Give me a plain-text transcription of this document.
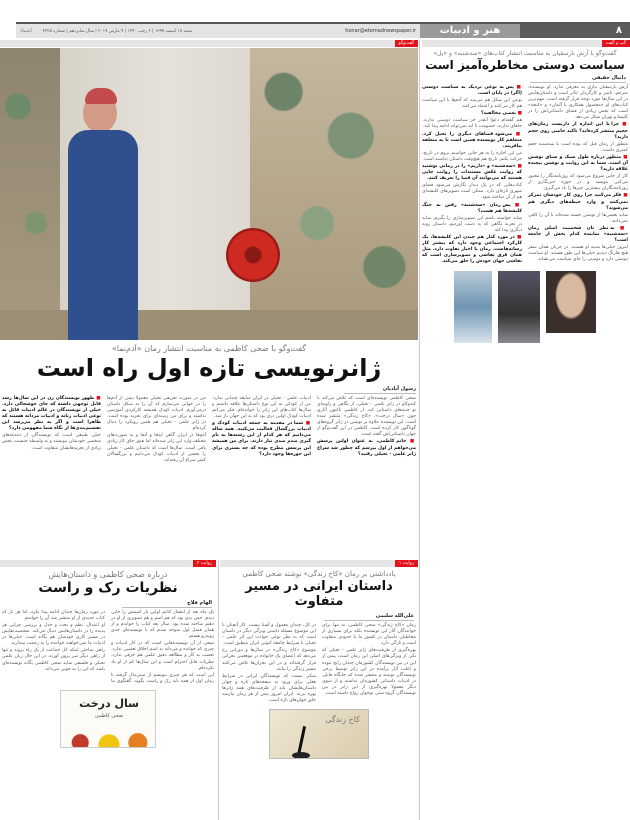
۸
هنر و ادبیات
honar@etemadnewspaper.ir
شنبه ۱۸ اسفند ۱۳۹۷ | ۲ رجب ۱۴۴۰ | ۹ مارس ۲۰۱۹ | سال شانزدهم | شماره ۴۳۲۵
اعتماد
گفت‌وگو
گفت‌وگو با ضحی کاظمی به مناسبت انتشار رمان «آدم‌نما»
ژانرنویسی تازه اول راه است
رسول آبادیان

ضحی کاظمی نویسنده‌ای است که تلاش می‌کند با کندوکاو در ژانر علمی - تخیلی، از نگاهی و زاویه‌ای نو جنبه‌های داستانی کند. از کاظمی تاکنون آثاری چون «سال درخت»، «کاخ زندگی» منتشر شده است. این نویسنده علاوه بر نوشتن در ژانر گروه‌های گوناگون کار کرده است. کاظمی در این گفت‌وگو از جهان داستانی‌اش گفته است.

■ خانم کاظمی، به عنوان اولین پرسش می‌خواهم از اول بپرسم که چطور شد سراغ ژانر علمی - تخیلی رفتید؟

ادبیات علمی - تخیلی در ایران سابقه چندانی ندارد. من از کودکی به این نوع داستان‌ها علاقه داشتم و سال‌ها کتاب‌های این ژانر را خوانده‌ام. فکر می‌کنم ادبیات کودک اولین دری بود که به این جهان باز شد.

■ شما در مقدمه به جمعه ادبیات کودک و ادبیات بزرگسال فعالیت می‌کنید. همه ساله می‌دانیم که هر کدام از این رشته‌ها به نام گیری صدم صدی نیاز دارند. برای من همیشه این پرسش مطرح بوده که چه بستری برای این حوزه‌ها وجود دارد؟

من در صورت تعریفی تخیلی معمولا تیمی از آدم‌ها را در جهانی می‌سازم که آن را به شکل داستان درمی‌آورم. ادبیات کودک همیشه کارکردی آموزشی نداشته و برای من زمینه‌ای برای تجربه بوده است. در ژانر علمی - تخیلی هم همین رویکرد را دنبال کرده‌ام.

آدم‌ها در ایران گاهی اینجا و آنجا و به صورت‌های مختلف وارد این ژانر شده‌اند اما هنوز جای کار زیادی باقی است. سال‌ها است که داستان علمی - تخیلی را بخشی از ادبیات کودک می‌دانیم و بزرگسالان کمتر سراغ آن رفته‌اند.

■ ظهور نویسندگان زن در این سال‌ها رشد قابل توجهی داشته که جای خوشحالی دارد. خیلی از نویسندگان در عالم ادبیات قائل به نوعی ادبیات زنانه و ادبیات مردانه هستند که ظاهرا است و اگر به نظر می‌رسد این تقسیم‌بندی‌ها از نگاه شما مفهومی دارد؟

خیلی طبیعی است که نویسندگان از دغدغه‌های شخصی خودشان بنویسند و به واسطه جنسیت بخش زیادی از تجربه‌هایشان متفاوت است.

گپ و گفت
گفت‌وگو با آرش بارسقیان به مناسبت انتشار کتاب‌های «سه‌شنبه» و «پل»
سیاست دوستی مخاطره‌آمیز است
دانیال حقیقی

آرش بارسقیان نیازی به معرفی ندارد. او نویسنده، مترجم، ناشر و کارگردان تئاتر است و داستان‌هایش در این سال‌ها مورد توجه قرار گرفته است. مهم‌ترین کتاب‌های او «محصول همکاری با آلمان» و «کنجه» است که بخش زیادی از فضای داستانی‌اش را در کلیسا و تهران شکل می‌دهد.

■ چرا تا این اندازه از داریست رمان‌های حجیم منتشر کرده‌اید؟ تاکید خاصی روی حجم دارید؟

منظور از رمان قبل که بوده است با سه‌شنبه حجم کمتری داشت.

■ منظور درباره طول سبک و سیاق نوشتن آن است. شما به این روایت و نوشتن پیچیده علاقه دارید؟

کار از جایی شروع می‌شود که روزنامه‌نگار را مجبور می‌کنی بنویسد و در حوزه خبرنگاری از روزنامه‌نگاران بیشترین چیزها را یاد می‌گیری.

■ فکر می‌کنید چرا روی کار خودشان تمرکز نمی‌کنند و وارد حیطه‌های دیگری هم می‌شوند؟

شاید بعضی‌ها از نوشتن خسته شده‌اند یا آن را کافی نمی‌دانند.

■ به نظر تان شخصیت اصلی رمان «سه‌شنبه» نماینده کدام بخش از جامعه است؟

امروز خیلی‌ها شبیه او هستند. در جریان همان سفر هیچ هارنگ دیدیم خیلی‌ها این طور هستند. او سیاست دوستی دارد و دوستی را جای سیاست می‌نشاند.

■ پس به نوعی نزدیک به سیاست دوستی (اگر) در پایان است.

نوعی این شکل هم می‌بیند که آدم‌ها با این سیاست هم کار می‌کنند و اعتماد می‌کنند.

■ بعضی مخالفید؟

هم گفته‌ام دعوا آنقدر جز سیاست دوستی ندارند. جاهای ندارند، خصومت تا ابد نمی‌تواند ادامه پیدا کند.

■ می‌شود فضاهای دیگری را تخیل کرد. متعلقم کار نویسنده همین است تا به متعلقه بیافریند.

من این اجازه را به هر جایی خواستم بروم در تاریخ، حرکت بکنم. تاریخ هم هیچ‌وقت داستان نداشته است.

■ «سه‌شنبه» و «داریم» را در زمانی نوشتید که روایت عکس مستندات را روایت جایی هستند که می‌توانند آن فضا را تعریف کنند.

کتاب‌هایی که در یک دیدار نگارش می‌شود فضای شهری تازه‌ای دارد. ممکن است تصویرهای کلیشه‌ای هم از آن ساخته شود.

■ پس رمان «سه‌شنبه» رفتن به جنگ کلیشه‌ها هم هست؟

شاید خواسته باشم این تصویرسازی را بگیرم. شاید در تجربه نگاهی که به دست آوردیم، داستان روند دیگری پیدا کند.

■ در مورد کنار هم چیدن این کلیشه‌ها، یک کارکرد اجتماعی وجود دارد که بیشتر کار رسانه‌هاست. رمان یا اخبار تفاوت دارد. مثل همان فرق نقاشی و تصویرسازی است که نقاشی جهان خودش را خلق می‌کند.

روایت ۲
درباره ضحی کاظمی و داستان‌هایش
نظریات رک و راست
الهام فلاح

یک ماه بعد از انتشار کتابم اولین بار اسمش را جایی دیدم. حس بدی بود که هم اسم و هم تصویری از او در ذهنم ساخته شده بود. سال بعد کتاب را خواندم و از همان فصل اول متوجه شدم که با نویسنده‌ای جدی روبه‌رو هستم.

ضحی از آن نویسنده‌هایی است که در کار ادبیات و چیزی که خوانده و می‌داند به اسم اخلاق تعصبی ندارد. تعصب به کار و مطالعه دقیق علمی هم حرفی ندارد. نظریات قابل احترام است و این سال‌ها کم از او یاد نکرده‌ام.

این است که هر چیزی بنویسم از مینی‌مال گرفته تا رمان اول از همه باید رک و راست بگوید. گفتگوی ما در مورد رمان‌ها چندان ادامه پیدا نکرد، اما هر بار که کتاب جدیدی از او منتشر شد آن را خواندم.

او اعتدال، نظم و بحث و جدل و بررسی چرایی هر پدیده را در داستان‌هایش دنبال می‌کند. شخصیت‌هایش در مسیر کاری خودشان هم یگانه است. خیلی‌ها در ادبیات ما نمی‌خواهند خواننده را به زحمت بیندازند.

راهی ساختن اینکه کل جماعت از یک راه بروند و تنها از راهی دیگر سر برون آورند. در این حال زبان علمی تخیلی و فلسفی شاید ضحی کاظمی یگانه نویسنده‌ای باشد که این را به خوبی می‌داند.

سال درخت
ضحی کاظمی
روایت ۱
یادداشتی بر رمان «کاخ زندگی» نوشته ضحی کاظمی
داستان ایرانی در مسیر متفاوت
علی‌الله سلیمی

رمان «کاخ زندگی» ضحی کاظمی، نه تنها برای خوانندگان آثار این نویسنده بلکه برای بسیاری از مخاطبان داستان در کشور ما با حدودی متفاوت است و تازگی دارد.

بهره‌گیری از ظرفیت‌های ژانر علمی - تخیلی که یکی از ویژگی‌های اصلی این رمان است، پیش از این در بین نویسندگان کشورمان چندان رایج نبوده و اغلب آثار برآمده در این ژانر توسط برخی نویسندگان نوشته و منتشر شده که جایگاه قابلی در ادبیات داستانی کشورمان نداشته و از سوی دیگر معمولا بهره‌گیری از این ژانر در بین نویسندگان گروه سنی نوجوان رواج داشته است.

در کل، چندان معمول و آشنا نیست. کار آنچنان با این موضوع مسئله داشتن ویژگی دیگر در داستان است که به نظر نوعی حوادث این اثر علمی - تخیلی با شرایط جامعه کنونی ایران منطبق است.

موضوع «کاخ زندگی» در سال‌ها و دورانی رخ می‌دهد که اعضای یک خانواده در موقعیتی بحرانی قرار گرفته‌اند و در این بحران‌ها تلاش می‌کنند مسیر زندگی را بیابند.

شکی نیست که نویسندگان ایرانی در شرایط فعلی برای ورود به صفحه‌های تازه و جهان داستان‌هایشان باید از ظرفیت‌های همه ژانرها بهره ببرند. ایران امروز بیش از هر زمان نیازمند خلق جهان‌های تازه است.

کاخ زندگی
